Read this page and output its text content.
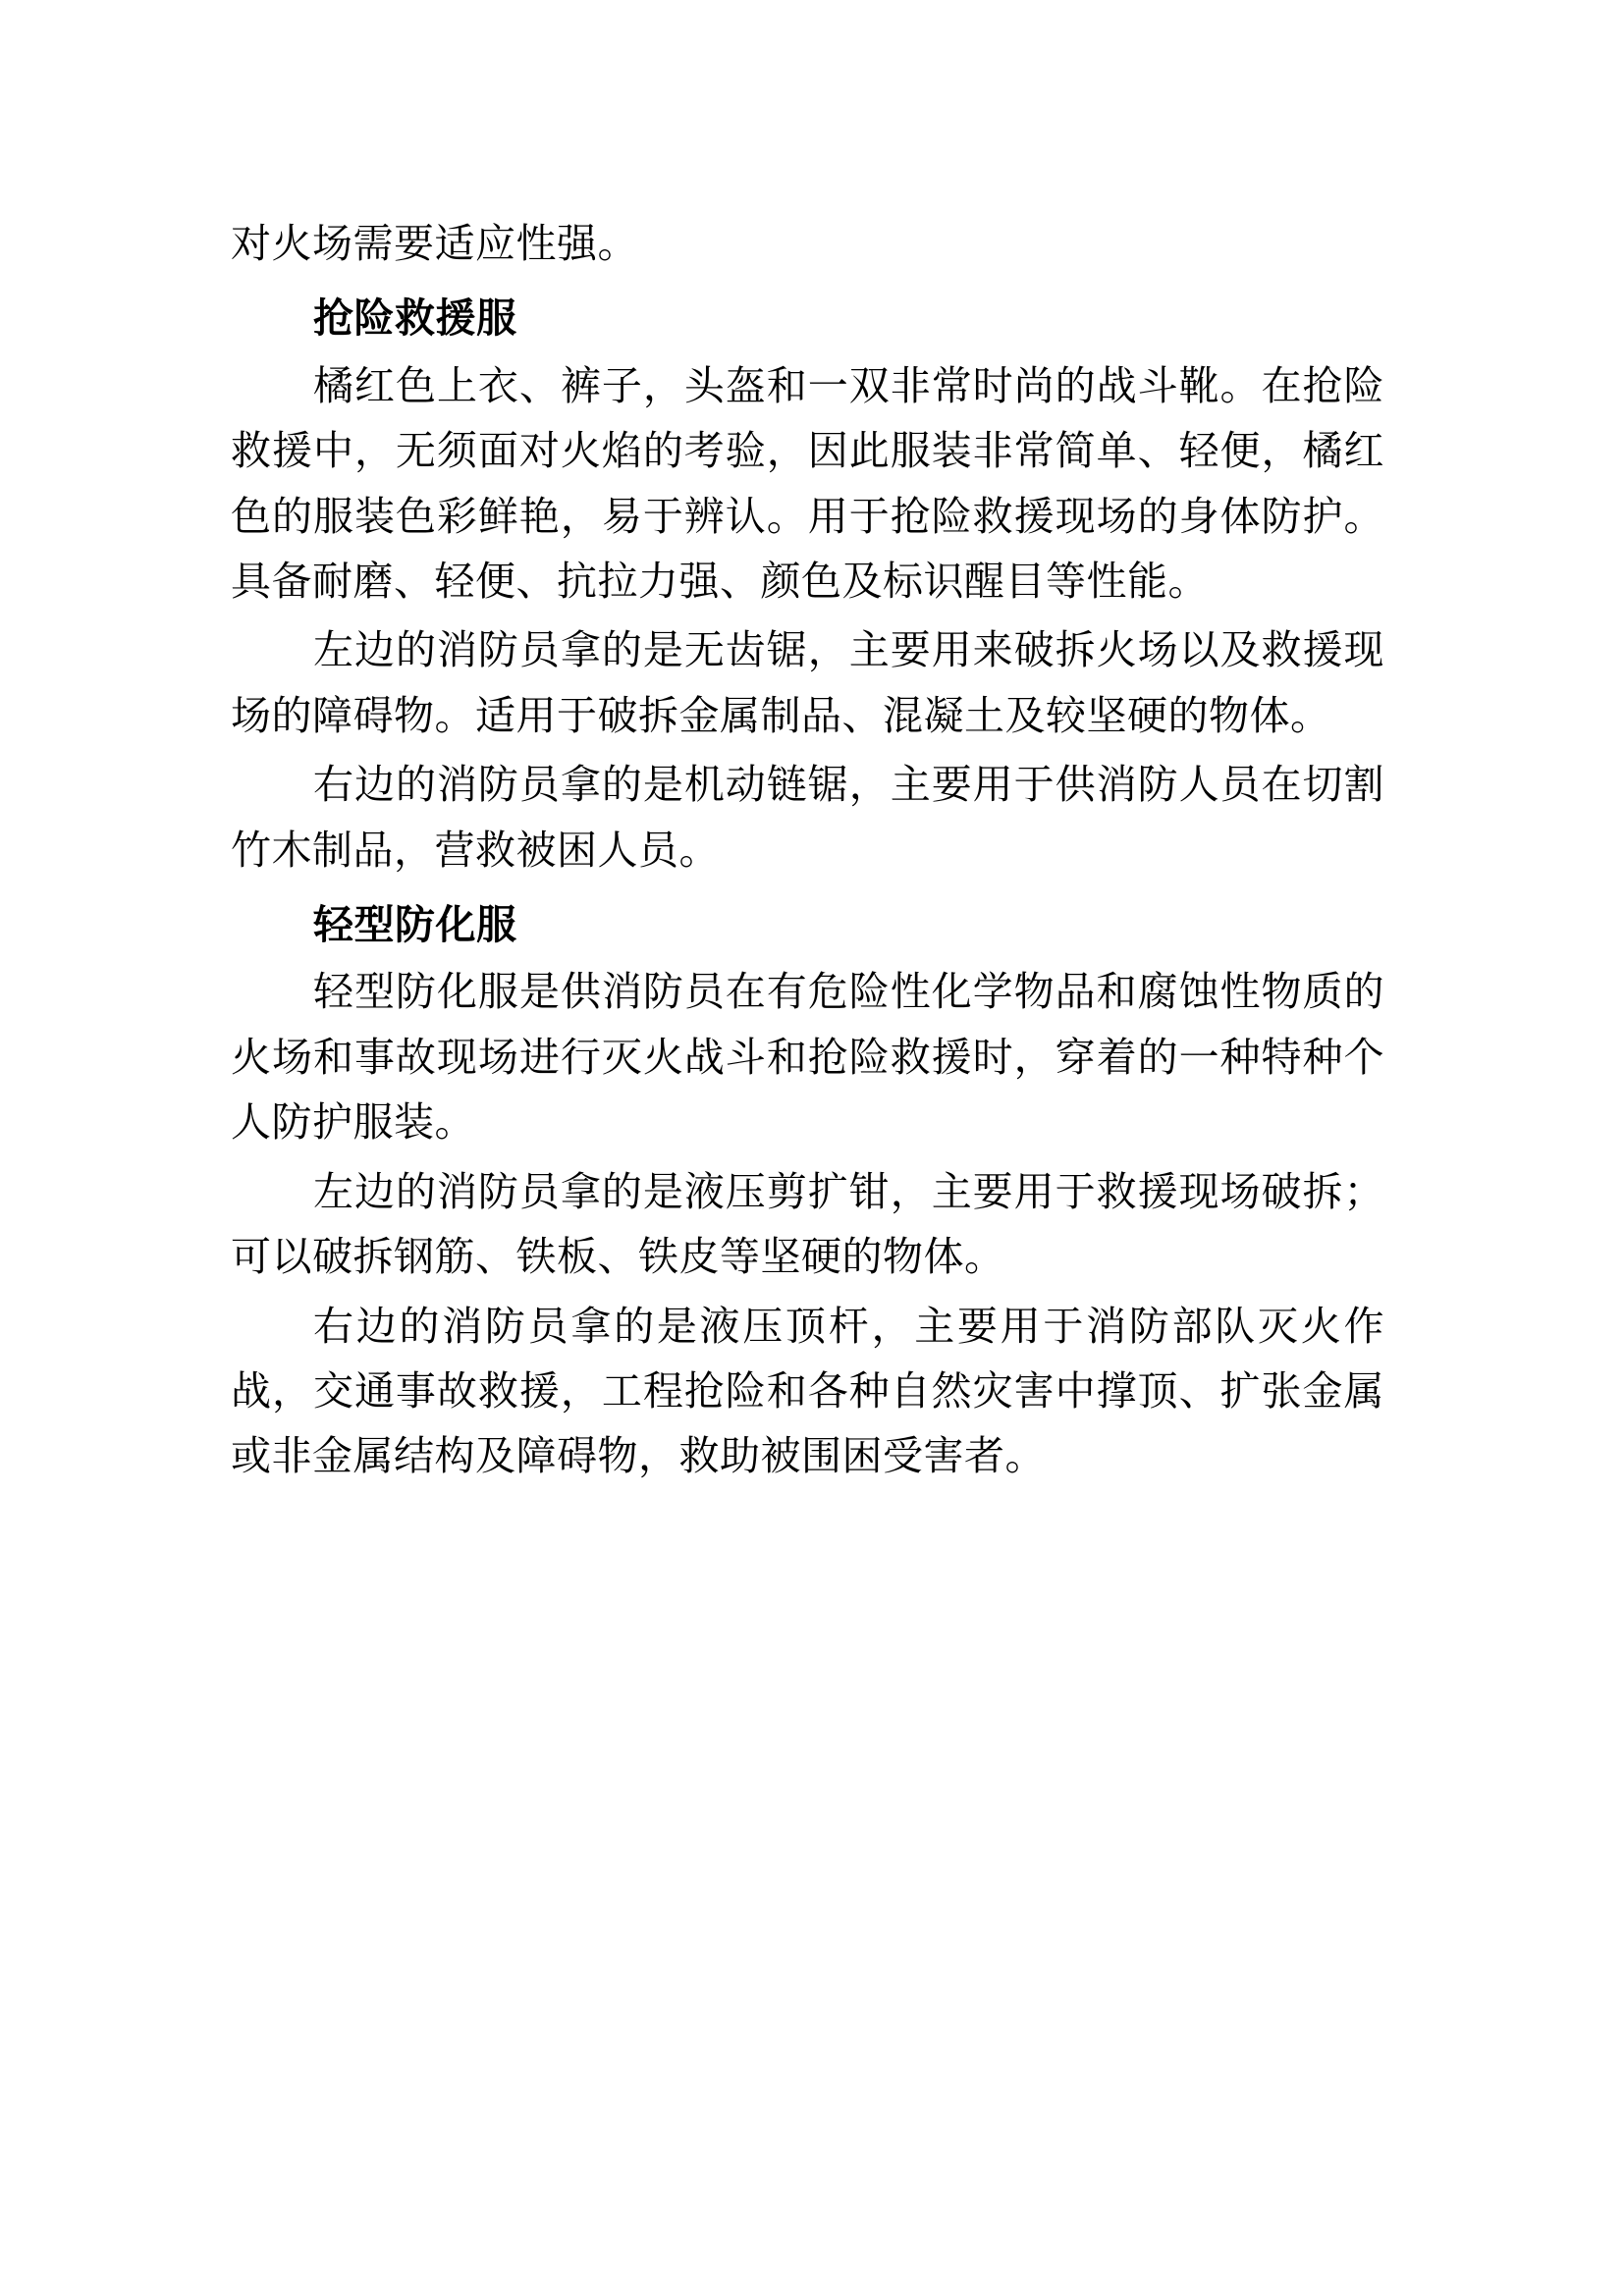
对火场需要适应性强。

抢险救援服

橘红色上衣、裤子，头盔和一双非常时尚的战斗靴。在抢险救援中，无须面对火焰的考验，因此服装非常简单、轻便，橘红色的服装色彩鲜艳，易于辨认。用于抢险救援现场的身体防护。具备耐磨、轻便、抗拉力强、颜色及标识醒目等性能。

左边的消防员拿的是无齿锯，主要用来破拆火场以及救援现场的障碍物。适用于破拆金属制品、混凝土及较坚硬的物体。

右边的消防员拿的是机动链锯，主要用于供消防人员在切割竹木制品，营救被困人员。

轻型防化服

轻型防化服是供消防员在有危险性化学物品和腐蚀性物质的火场和事故现场进行灭火战斗和抢险救援时，穿着的一种特种个人防护服装。

左边的消防员拿的是液压剪扩钳，主要用于救援现场破拆；可以破拆钢筋、铁板、铁皮等坚硬的物体。

右边的消防员拿的是液压顶杆，主要用于消防部队灭火作战，交通事故救援，工程抢险和各种自然灾害中撑顶、扩张金属或非金属结构及障碍物，救助被围困受害者。
